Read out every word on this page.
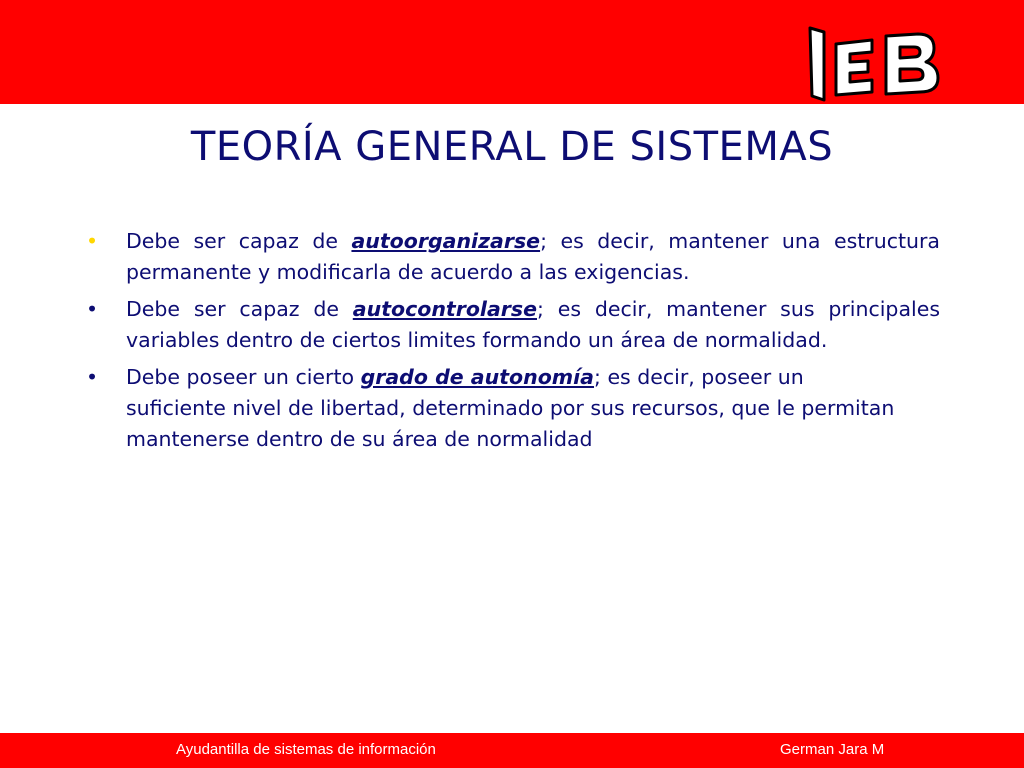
TEORÍA GENERAL DE SISTEMAS
• Debe ser capaz de autoorganizarse; es decir, mantener una estructura permanente y modificarla de acuerdo a las exigencias.
• Debe ser capaz de autocontrolarse; es decir, mantener sus principales variables dentro de ciertos limites formando un área de normalidad.
• Debe poseer un cierto grado de autonomía; es decir, poseer un suficiente nivel de libertad, determinado por sus recursos, que le permitan mantenerse dentro de su área de normalidad
Ayudantilla de sistemas de información	German Jara M
